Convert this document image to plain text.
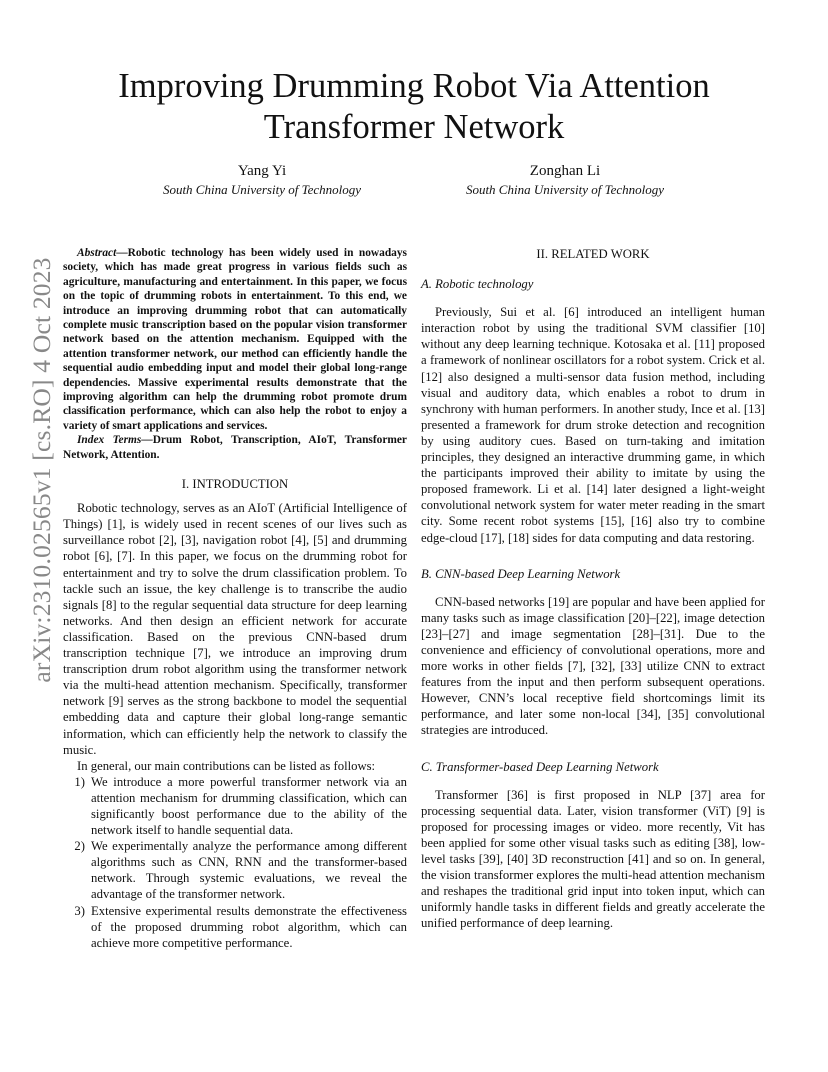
Improving Drumming Robot Via Attention Transformer Network
Yang Yi
South China University of Technology
Zonghan Li
South China University of Technology
arXiv:2310.02565v1 [cs.RO] 4 Oct 2023

Abstract—Robotic technology has been widely used in nowadays society, which has made great progress in various fields such as agriculture, manufacturing and entertainment. In this paper, we focus on the topic of drumming robots in entertainment. To this end, we introduce an improving drumming robot that can automatically complete music transcription based on the popular vision transformer network based on the attention mechanism. Equipped with the attention transformer network, our method can efficiently handle the sequential audio embedding input and model their global long-range dependencies. Massive experimental results demonstrate that the improving algorithm can help the drumming robot promote drum classification performance, which can also help the robot to enjoy a variety of smart applications and services.

Index Terms—Drum Robot, Transcription, AIoT, Transformer Network, Attention.

I. INTRODUCTION

Robotic technology, serves as an AIoT (Artificial Intelligence of Things) [1], is widely used in recent scenes of our lives such as surveillance robot [2], [3], navigation robot [4], [5] and drumming robot [6], [7]. In this paper, we focus on the drumming robot for entertainment and try to solve the drum classification problem. To tackle such an issue, the key challenge is to transcribe the audio signals [8] to the regular sequential data structure for deep learning networks. And then design an efficient network for accurate classification. Based on the previous CNN-based drum transcription technique [7], we introduce an improving drum transcription drum robot algorithm using the transformer network via the multi-head attention mechanism. Specifically, transformer network [9] serves as the strong backbone to model the sequential embedding data and capture their global long-range semantic information, which can efficiently help the network to classify the music.

In general, our main contributions can be listed as follows:

1) We introduce a more powerful transformer network via an attention mechanism for drumming classification, which can significantly boost performance due to the ability of the network itself to handle sequential data.
2) We experimentally analyze the performance among different algorithms such as CNN, RNN and the transformer-based network. Through systemic evaluations, we reveal the advantage of the transformer network.
3) Extensive experimental results demonstrate the effectiveness of the proposed drumming robot algorithm, which can achieve more competitive performance.
II. RELATED WORK
A. Robotic technology

Previously, Sui et al. [6] introduced an intelligent human interaction robot by using the traditional SVM classifier [10] without any deep learning technique. Kotosaka et al. [11] proposed a framework of nonlinear oscillators for a robot system. Crick et al. [12] also designed a multi-sensor data fusion method, including visual and auditory data, which enables a robot to drum in synchrony with human performers. In another study, Ince et al. [13] presented a framework for drum stroke detection and recognition by using auditory cues. Based on turn-taking and imitation principles, they designed an interactive drumming game, in which the participants improved their ability to imitate by using the proposed framework. Li et al. [14] later designed a light-weight convolutional network system for water meter reading in the smart city. Some recent robot systems [15], [16] also try to combine edge-cloud [17], [18] sides for data computing and data restoring.

B. CNN-based Deep Learning Network

CNN-based networks [19] are popular and have been applied for many tasks such as image classification [20]–[22], image detection [23]–[27] and image segmentation [28]–[31]. Due to the convenience and efficiency of convolutional operations, more and more works in other fields [7], [32], [33] utilize CNN to extract features from the input and then perform subsequent operations. However, CNN’s local receptive field shortcomings limit its performance, and later some non-local [34], [35] convolutional strategies are introduced.

C. Transformer-based Deep Learning Network

Transformer [36] is first proposed in NLP [37] area for processing sequential data. Later, vision transformer (ViT) [9] is proposed for processing images or video. more recently, Vit has been applied for some other visual tasks such as editing [38], low-level tasks [39], [40] 3D reconstruction [41] and so on. In general, the vision transformer explores the multi-head attention mechanism and reshapes the traditional grid input into token input, which can uniformly handle tasks in different fields and greatly accelerate the unified performance of deep learning.
